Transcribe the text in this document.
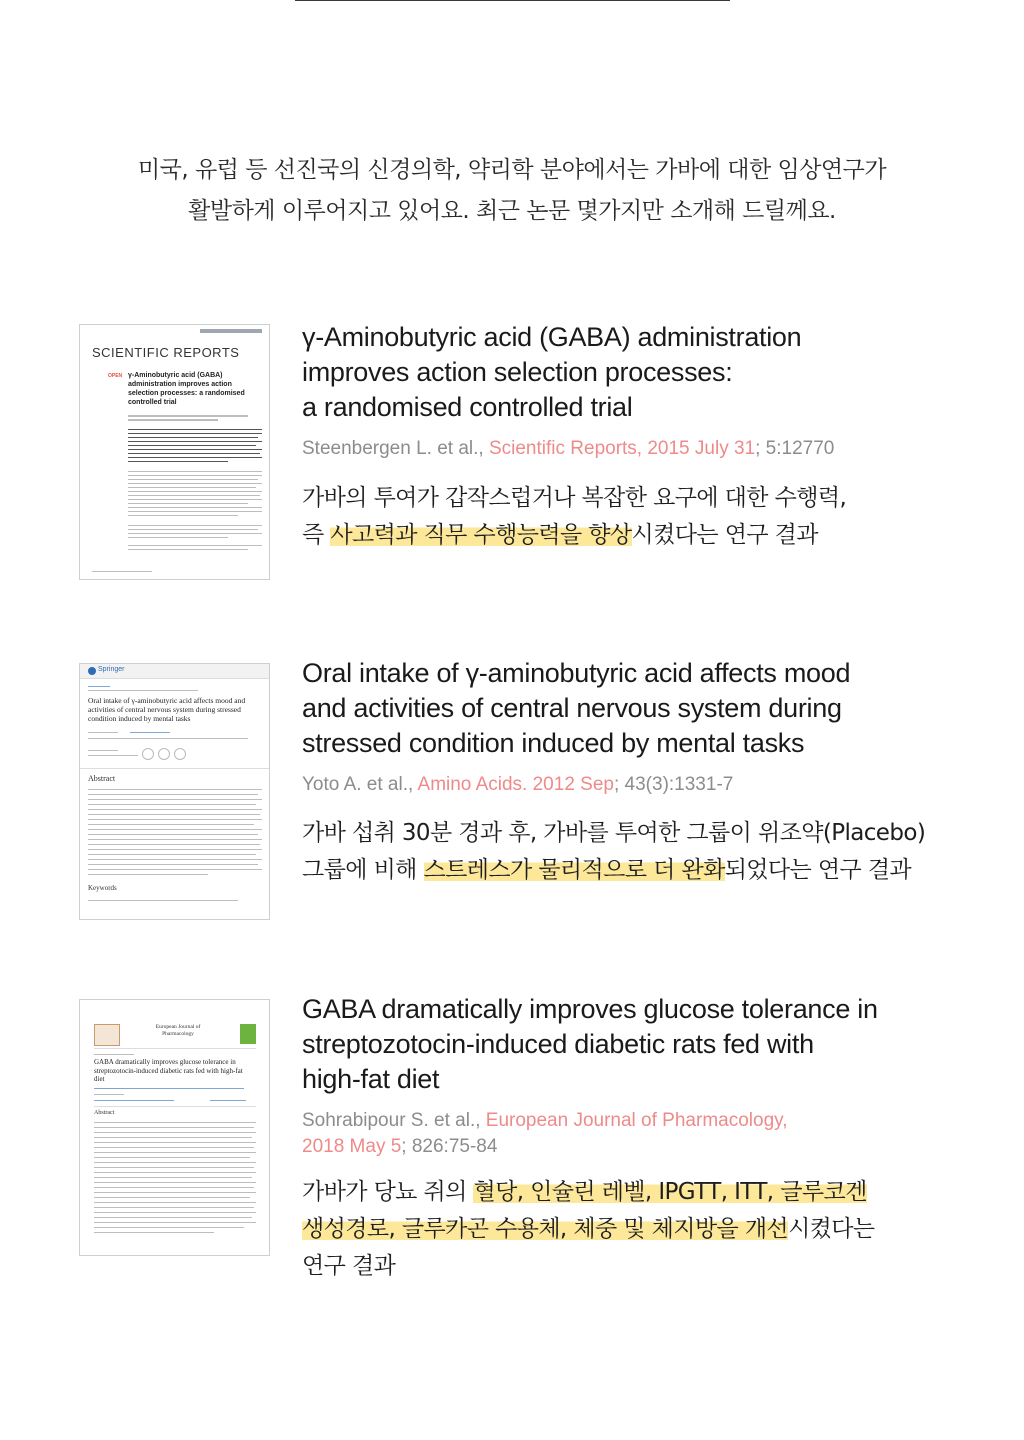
미국, 유럽 등 선진국의 신경의학, 약리학 분야에서는 가바에 대한 임상연구가
활발하게 이루어지고 있어요. 최근 논문 몇가지만 소개해 드릴께요.
SCIENTIFIC REPORTS
OPEN γ-Aminobutyric acid (GABA) administration improves action selection processes: a randomised controlled trial
γ-Aminobutyric acid (GABA) administration
improves action selection processes:
a randomised controlled trial
Steenbergen L. et al., Scientific Reports, 2015 July 31; 5:12770
가바의 투여가 갑작스럽거나 복잡한 요구에 대한 수행력,
즉 사고력과 직무 수행능력을 향상시켰다는 연구 결과
Springer
Oral intake of γ-aminobutyric acid affects mood and activities of central nervous system during stressed condition induced by mental tasks
Abstract
Keywords
Oral intake of γ-aminobutyric acid affects mood
and activities of central nervous system during
stressed condition induced by mental tasks
Yoto A. et al., Amino Acids. 2012 Sep; 43(3):1331-7
가바 섭취 30분 경과 후, 가바를 투여한 그룹이 위조약(Placebo)
그룹에 비해 스트레스가 물리적으로 더 완화되었다는 연구 결과
European Journal of Pharmacology
GABA dramatically improves glucose tolerance in streptozotocin-induced diabetic rats fed with high-fat diet
Abstract
GABA dramatically improves glucose tolerance in
streptozotocin-induced diabetic rats fed with
high-fat diet
Sohrabipour S. et al., European Journal of Pharmacology,
2018 May 5; 826:75-84
가바가 당뇨 쥐의 혈당, 인슐린 레벨, IPGTT, ITT, 글루코겐
생성경로, 글루카곤 수용체, 체중 및 체지방을 개선시켰다는
연구 결과
